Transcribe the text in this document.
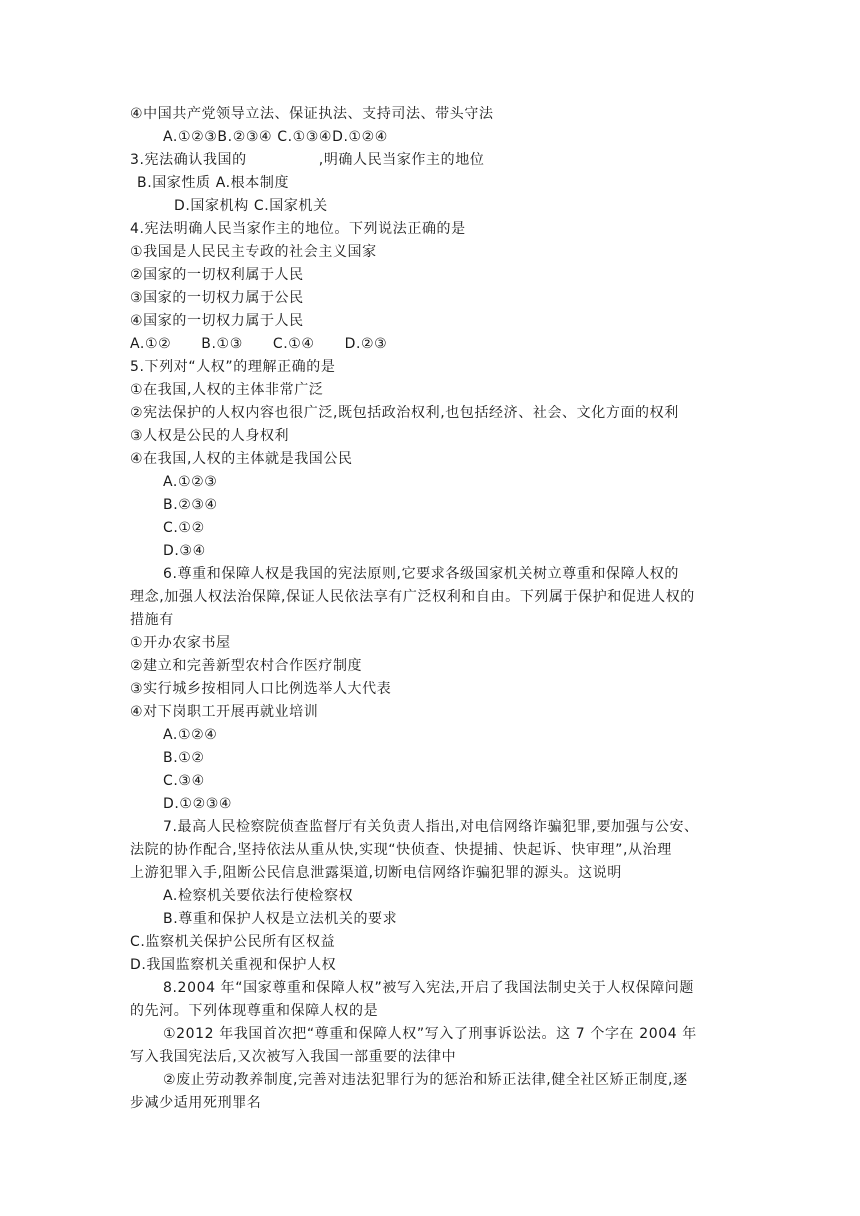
④中国共产党领导立法、保证执法、支持司法、带头守法
A.①②③B.②③④ C.①③④D.①②④
3.宪法确认我国的	,明确人民当家作主的地位
B.国家性质 A.根本制度
D.国家机构 C.国家机关
4.宪法明确人民当家作主的地位。下列说法正确的是
①我国是人民民主专政的社会主义国家
②国家的一切权利属于人民
③国家的一切权力属于公民
④国家的一切权力属于人民
A.①② B.①③ C.①④ D.②③
5.下列对“人权”的理解正确的是
①在我国,人权的主体非常广泛
②宪法保护的人权内容也很广泛,既包括政治权利,也包括经济、社会、文化方面的权利
③人权是公民的人身权利
④在我国,人权的主体就是我国公民
A.①②③
B.②③④
C.①②
D.③④
6.尊重和保障人权是我国的宪法原则,它要求各级国家机关树立尊重和保障人权的
理念,加强人权法治保障,保证人民依法享有广泛权利和自由。下列属于保护和促进人权的
措施有
①开办农家书屋
②建立和完善新型农村合作医疗制度
③实行城乡按相同人口比例选举人大代表
④对下岗职工开展再就业培训
A.①②④
B.①②
C.③④
D.①②③④
7.最高人民检察院侦查监督厅有关负责人指出,对电信网络诈骗犯罪,要加强与公安、
法院的协作配合,坚持依法从重从快,实现“快侦查、快提捕、快起诉、快审理”,从治理
上游犯罪入手,阻断公民信息泄露渠道,切断电信网络诈骗犯罪的源头。这说明
A.检察机关要依法行使检察权
B.尊重和保护人权是立法机关的要求
C.监察机关保护公民所有区权益
D.我国监察机关重视和保护人权
8.2004 年“国家尊重和保障人权”被写入宪法,开启了我国法制史关于人权保障问题
的先河。下列体现尊重和保障人权的是
①2012 年我国首次把“尊重和保障人权”写入了刑事诉讼法。这 7 个字在 2004 年
写入我国宪法后,又次被写入我国一部重要的法律中
②废止劳动教养制度,完善对违法犯罪行为的惩治和矫正法律,健全社区矫正制度,逐
步减少适用死刑罪名
